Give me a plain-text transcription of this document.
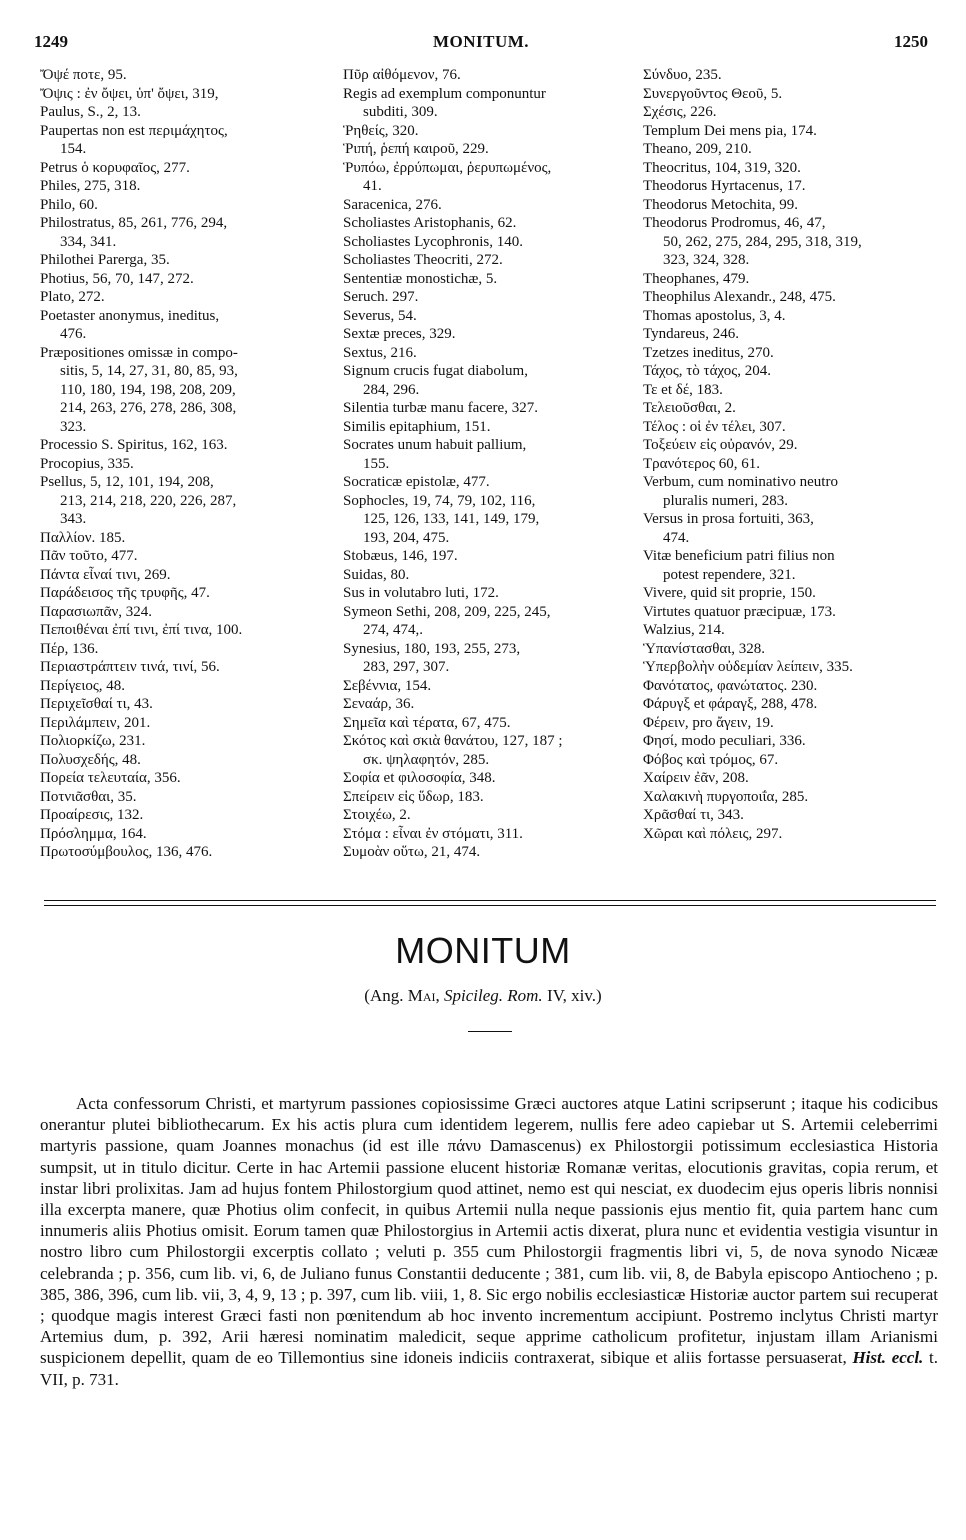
1249	MONITUM.	1250
Ὄψέ ποτε, 95.
Ὄψις : ἐν ὄψει, ὑπ' ὄψει, 319,
Paulus, S., 2, 13.
Paupertas non est περιμάχητος,
154.
Petrus ὁ κορυφαῖος, 277.
Philes, 275, 318.
Philo, 60.
Philostratus, 85, 261, 776, 294,
334, 341.
Philothei Parerga, 35.
Photius, 56, 70, 147, 272.
Plato, 272.
Poetaster anonymus, ineditus,
476.
Præpositiones omissæ in compo-
sitis, 5, 14, 27, 31, 80, 85, 93,
110, 180, 194, 198, 208, 209,
214, 263, 276, 278, 286, 308,
323.
Processio S. Spiritus, 162, 163.
Procopius, 335.
Psellus, 5, 12, 101, 194, 208,
213, 214, 218, 220, 226, 287,
343.
Παλλίον. 185.
Πᾶν τοῦτο, 477.
Πάντα εἶναί τινι, 269.
Παράδεισος τῆς τρυφῆς, 47.
Παρασιωπᾶν, 324.
Πεποιθέναι ἐπί τινι, ἐπί τινα, 100.
Πέρ, 136.
Περιαστράπτειν τινά, τινί, 56.
Περίγειος, 48.
Περιχεῖσθαί τι, 43.
Περιλάμπειν, 201.
Πολιορκίζω, 231.
Πολυσχεδής, 48.
Πορεία τελευταία, 356.
Ποτνιᾶσθαι, 35.
Προαίρεσις, 132.
Πρόσλημμα, 164.
Πρωτοσύμβουλος, 136, 476.
Πῦρ αἰθόμενον, 76.
Regis ad exemplum componuntur
subditi, 309.
Ῥηθείς, 320.
Ῥιπή, ῥεπή καιροῦ, 229.
Ῥυπόω, ἐρρύπωμαι, ῥερυπωμένος,
41.
Saracenica, 276.
Scholiastes Aristophanis, 62.
Scholiastes Lycophronis, 140.
Scholiastes Theocriti, 272.
Sententiæ monostichæ, 5.
Seruch. 297.
Severus, 54.
Sextæ preces, 329.
Sextus, 216.
Signum crucis fugat diabolum,
284, 296.
Silentia turbæ manu facere, 327.
Similis epitaphium, 151.
Socrates unum habuit pallium,
155.
Socraticæ epistolæ, 477.
Sophocles, 19, 74, 79, 102, 116,
125, 126, 133, 141, 149, 179,
193, 204, 475.
Stobæus, 146, 197.
Suidas, 80.
Sus in volutabro luti, 172.
Symeon Sethi, 208, 209, 225, 245,
274, 474,.
Synesius, 180, 193, 255, 273,
283, 297, 307.
Σεβέννια, 154.
Σεναάρ, 36.
Σημεῖα καὶ τέρατα, 67, 475.
Σκότος καὶ σκιὰ θανάτου, 127, 187 ;
σκ. ψηλαφητόν, 285.
Σοφία et φιλοσοφία, 348.
Σπείρειν εἰς ὕδωρ, 183.
Στοιχέω, 2.
Στόμα : εἶναι ἐν στόματι, 311.
Συμοὰν οὕτω, 21, 474.
Σύνδυο, 235.
Συνεργοῦντος Θεοῦ, 5.
Σχέσις, 226.
Templum Dei mens pia, 174.
Theano, 209, 210.
Theocritus, 104, 319, 320.
Theodorus Hyrtacenus, 17.
Theodorus Metochita, 99.
Theodorus Prodromus, 46, 47,
50, 262, 275, 284, 295, 318, 319,
323, 324, 328.
Theophanes, 479.
Theophilus Alexandr., 248, 475.
Thomas apostolus, 3, 4.
Tyndareus, 246.
Tzetzes ineditus, 270.
Τάχος, τὸ τάχος, 204.
Τε et δέ, 183.
Τελειοῦσθαι, 2.
Τέλος : οἱ ἐν τέλει, 307.
Τοξεύειν εἰς οὐρανόν, 29.
Τρανότερος 60, 61.
Verbum, cum nominativo neutro
pluralis numeri, 283.
Versus in prosa fortuiti, 363,
474.
Vitæ beneficium patri filius non
potest rependere, 321.
Vivere, quid sit proprie, 150.
Virtutes quatuor præcipuæ, 173.
Walzius, 214.
Ὑπανίστασθαι, 328.
Ὑπερβολὴν οὐδεμίαν λείπειν, 335.
Φανότατος, φανώτατος. 230.
Φάρυγξ et φάραγξ, 288, 478.
Φέρειν, pro ἄγειν, 19.
Φησί, modo peculiari, 336.
Φόβος καὶ τρόμος, 67.
Χαίρειν ἐᾶν, 208.
Χαλακινὴ πυργοποιΐα, 285.
Χρᾶσθαί τι, 343.
Χῶραι καὶ πόλεις, 297.
MONITUM
(Ang. Mai, Spicileg. Rom. IV, xiv.)

Acta confessorum Christi, et martyrum passiones copiosissime Græci auctores atque Latini scripserunt ; itaque his codicibus onerantur plutei bibliothecarum. Ex his actis plura cum identidem legerem, nullis fere adeo capiebar ut S. Artemii celeberrimi martyris passione, quam Joannes monachus (id est ille πάνυ Damascenus) ex Philostorgii potissimum ecclesiastica Historia sumpsit, ut in titulo dicitur. Certe in hac Artemii passione elucent historiæ Romanæ veritas, elocutionis gravitas, copia rerum, et instar libri prolixitas. Jam ad hujus fontem Philostorgium quod attinet, nemo est qui nesciat, ex duodecim ejus operis libris nonnisi illa excerpta manere, quæ Photius olim confecit, in quibus Artemii nulla neque passionis ejus mentio fit, quia partem hanc cum innumeris aliis Photius omisit. Eorum tamen quæ Philostorgius in Artemii actis dixerat, plura nunc et evidentia vestigia visuntur in nostro libro cum Philostorgii excerptis collato ; veluti p. 355 cum Philostorgii fragmentis libri vi, 5, de nova synodo Nicææ celebranda ; p. 356, cum lib. vi, 6, de Juliano funus Constantii deducente ; 381, cum lib. vii, 8, de Babyla episcopo Antiocheno ; p. 385, 386, 396, cum lib. vii, 3, 4, 9, 13 ; p. 397, cum lib. viii, 1, 8. Sic ergo nobilis ecclesiasticæ Historiæ auctor partem sui recuperat ; quodque magis interest Græci fasti non pœnitendum ab hoc invento incrementum accipiunt. Postremo inclytus Christi martyr Artemius dum, p. 392, Arii hæresi nominatim maledicit, seque apprime catholicum profitetur, injustam illam Arianismi suspicionem depellit, quam de eo Tillemontius sine idoneis indiciis contraxerat, sibique et aliis fortasse persuaserat, Hist. eccl. t. VII, p. 731.
